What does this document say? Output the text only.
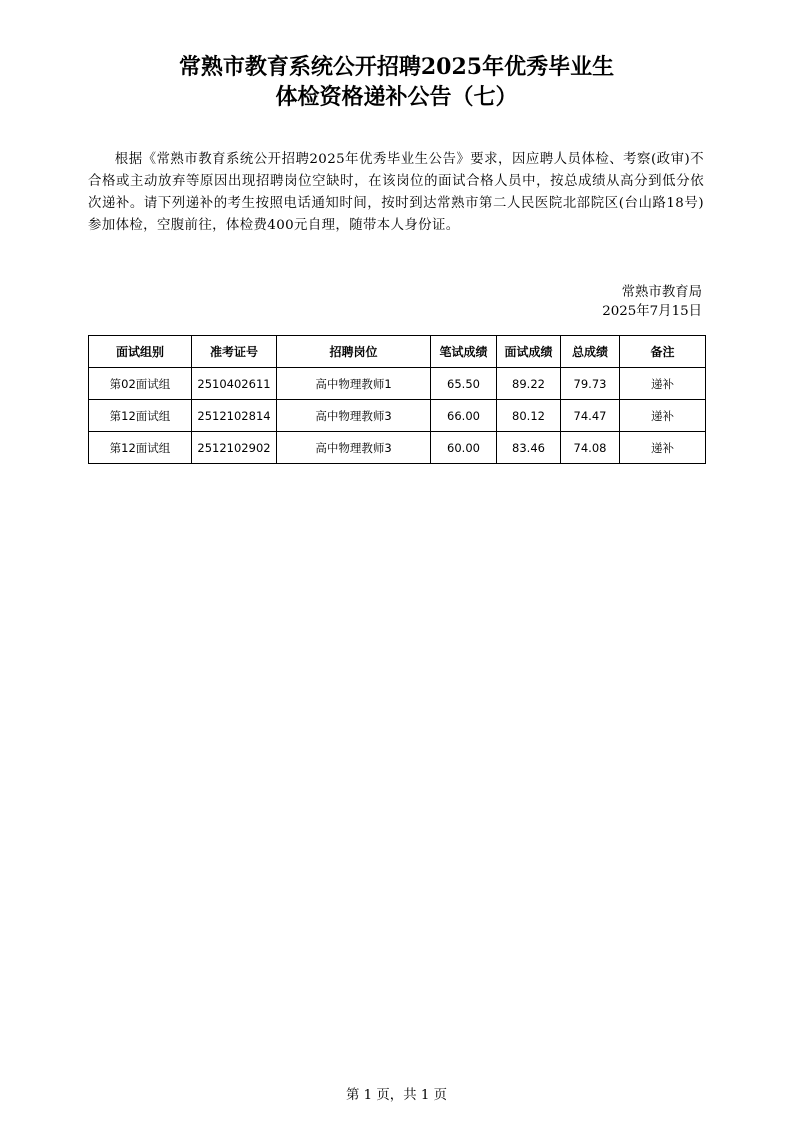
常熟市教育系统公开招聘2025年优秀毕业生
体检资格递补公告（七）
根据《常熟市教育系统公开招聘2025年优秀毕业生公告》要求，因应聘人员体检、考察(政审)不合格或主动放弃等原因出现招聘岗位空缺时，在该岗位的面试合格人员中，按总成绩从高分到低分依次递补。请下列递补的考生按照电话通知时间，按时到达常熟市第二人民医院北部院区(台山路18号)参加体检，空腹前往，体检费400元自理，随带本人身份证。
常熟市教育局
2025年7月15日
面试组别	准考证号	招聘岗位	笔试成绩	面试成绩	总成绩	备注
第02面试组	2510402611	高中物理教师1	65.50	89.22	79.73	递补
第12面试组	2512102814	高中物理教师3	66.00	80.12	74.47	递补
第12面试组	2512102902	高中物理教师3	60.00	83.46	74.08	递补
第 1 页，共 1 页
